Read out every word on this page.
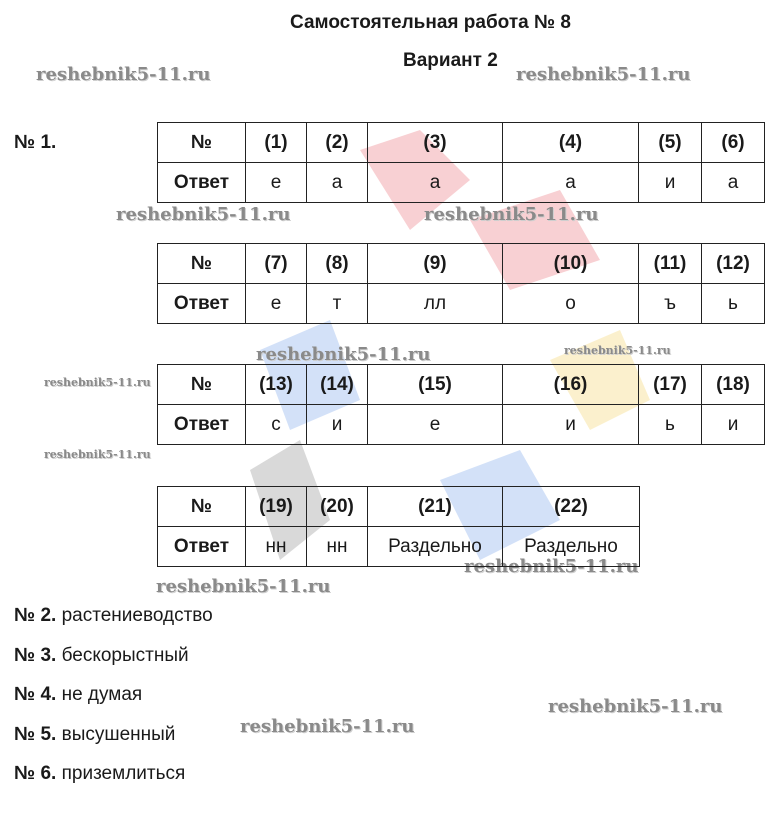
Самостоятельная работа № 8
Вариант 2
reshebnik5-11.ru	reshebnik5-11.ru
reshebnik5-11.ru	reshebnik5-11.ru
reshebnik5-11.ru	reshebnik5-11.ru
reshebnik5-11.ru
reshebnik5-11.ru
reshebnik5-11.ru
reshebnik5-11.ru
reshebnik5-11.ru
reshebnik5-11.ru
№ 1.	№	(1)	(2)	(3)	(4)	(5)	(6)
Ответ	е	а	а	а	и	а
№	(7)	(8)	(9)	(10)	(11)	(12)
Ответ	е	т	лл	о	ъ	ь
№	(13)	(14)	(15)	(16)	(17)	(18)
Ответ	с	и	е	и	ь	и
№	(19)	(20)	(21)	(22)
Ответ	нн	нн	Раздельно	Раздельно
№ 2. растениеводство
№ 3. бескорыстный
№ 4. не думая
№ 5. высушенный
№ 6. приземлиться
